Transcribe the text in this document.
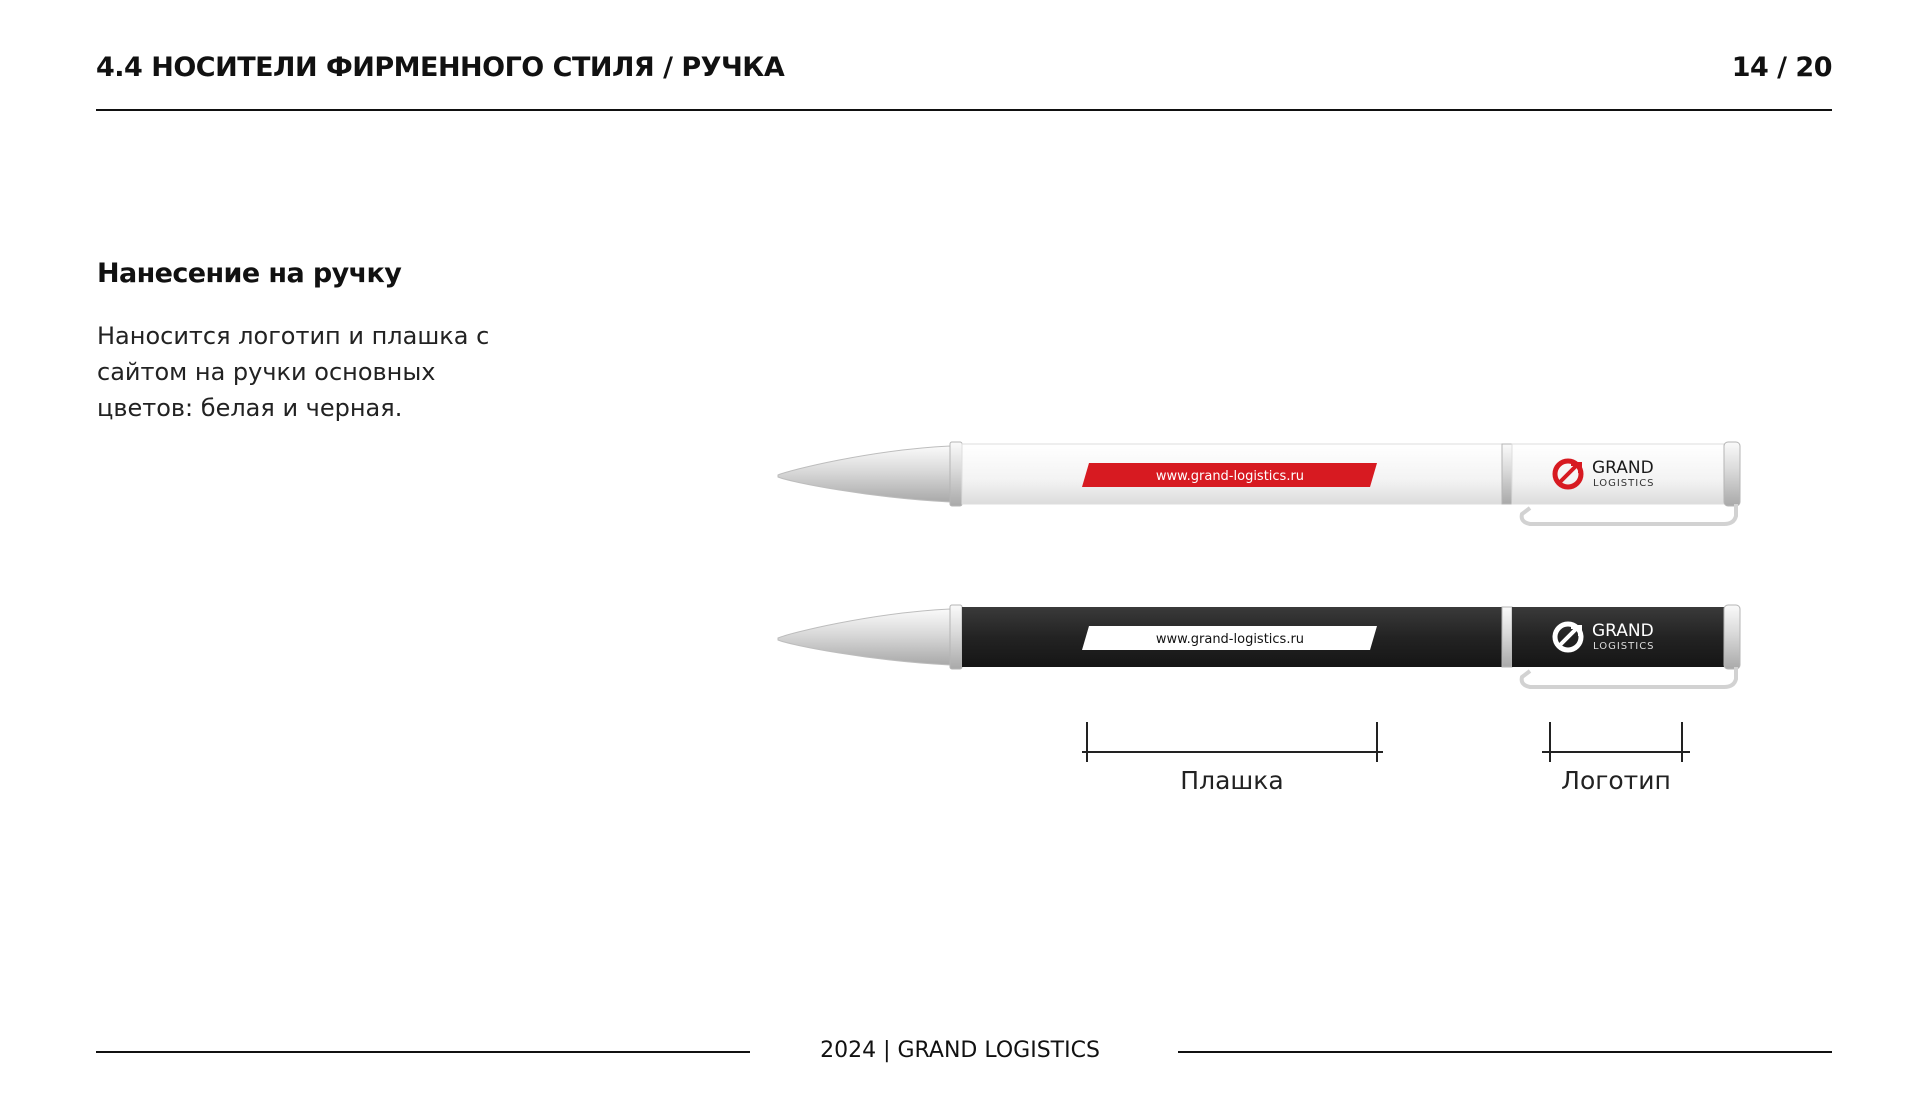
4.4 НОСИТЕЛИ ФИРМЕННОГО СТИЛЯ / РУЧКА	14 / 20
Нанесение на ручку
Наносится логотип и плашка с сайтом на ручки основных цветов: белая и черная.
www.grand-logistics.ru	GRAND
LOGISTICS
www.grand-logistics.ru	GRAND
LOGISTICS
Плашка	Логотип
2024 | GRAND LOGISTICS
